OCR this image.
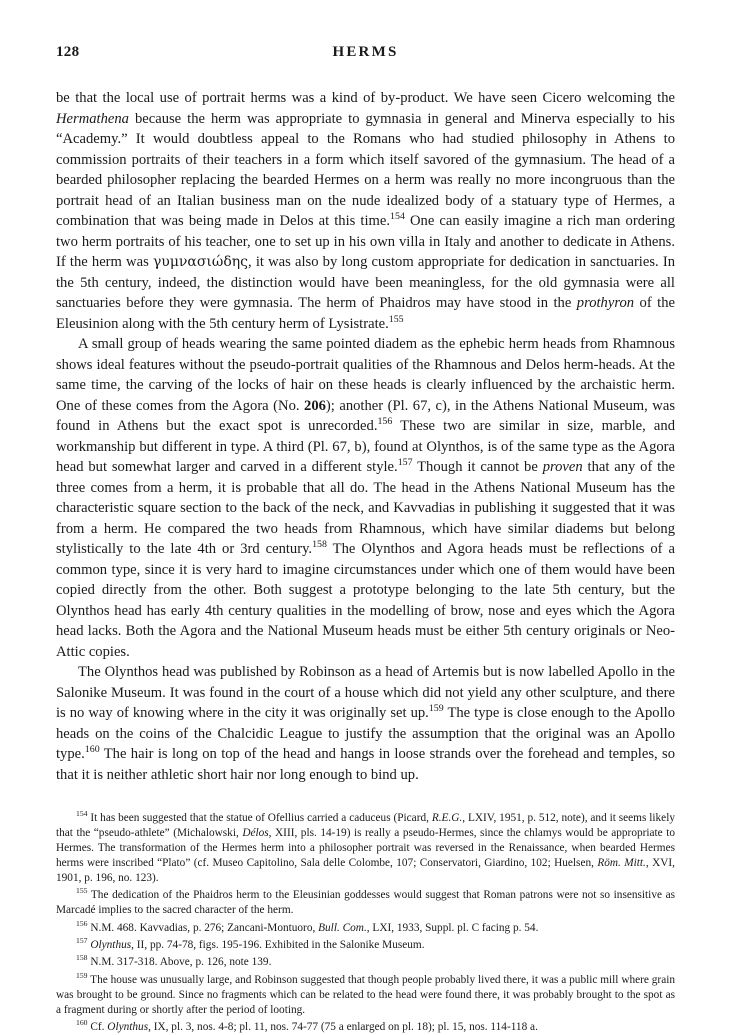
128	HERMS

be that the local use of portrait herms was a kind of by-product. We have seen Cicero welcoming the Hermathena because the herm was appropriate to gymnasia in general and Minerva especially to his “Academy.” It would doubtless appeal to the Romans who had studied philosophy in Athens to commission portraits of their teachers in a form which itself savored of the gymnasium. The head of a bearded philosopher replacing the bearded Hermes on a herm was really no more incongruous than the portrait head of an Italian business man on the nude idealized body of a statuary type of Hermes, a combination that was being made in Delos at this time.$^{154}$ One can easily imagine a rich man ordering two herm portraits of his teacher, one to set up in his own villa in Italy and another to dedicate in Athens. If the herm was γυμνασιώδης, it was also by long custom appropriate for dedication in sanctuaries. In the 5th century, indeed, the distinction would have been meaningless, for the old gymnasia were all sanctuaries before they were gymnasia. The herm of Phaidros may have stood in the prothyron of the Eleusinion along with the 5th century herm of Lysistrate.$^{155}$

A small group of heads wearing the same pointed diadem as the ephebic herm heads from Rhamnous shows ideal features without the pseudo-portrait qualities of the Rhamnous and Delos herm-heads. At the same time, the carving of the locks of hair on these heads is clearly influenced by the archaistic herm. One of these comes from the Agora (No. 206); another (Pl. 67, c), in the Athens National Museum, was found in Athens but the exact spot is unrecorded.$^{156}$ These two are similar in size, marble, and workmanship but different in type. A third (Pl. 67, b), found at Olynthos, is of the same type as the Agora head but somewhat larger and carved in a different style.$^{157}$ Though it cannot be proven that any of the three comes from a herm, it is probable that all do. The head in the Athens National Museum has the characteristic square section to the back of the neck, and Kavvadias in publishing it suggested that it was from a herm. He compared the two heads from Rhamnous, which have similar diadems but belong stylistically to the late 4th or 3rd century.$^{158}$ The Olynthos and Agora heads must be reflections of a common type, since it is very hard to imagine circumstances under which one of them would have been copied directly from the other. Both suggest a prototype belonging to the late 5th century, but the Olynthos head has early 4th century qualities in the modelling of brow, nose and eyes which the Agora head lacks. Both the Agora and the National Museum heads must be either 5th century originals or Neo-Attic copies.

The Olynthos head was published by Robinson as a head of Artemis but is now labelled Apollo in the Salonike Museum. It was found in the court of a house which did not yield any other sculpture, and there is no way of knowing where in the city it was originally set up.$^{159}$ The type is close enough to the Apollo heads on the coins of the Chalcidic League to justify the assumption that the original was an Apollo type.$^{160}$ The hair is long on top of the head and hangs in loose strands over the forehead and temples, so that it is neither athletic short hair nor long enough to bind up.

$^{154}$ It has been suggested that the statue of Ofellius carried a caduceus (Picard, R.E.G., LXIV, 1951, p. 512, note), and it seems likely that the “pseudo-athlete” (Michalowski, Délos, XIII, pls. 14-19) is really a pseudo-Hermes, since the chlamys would be appropriate to Hermes. The transformation of the Hermes herm into a philosopher portrait was reversed in the Renaissance, when bearded Hermes herms were inscribed “Plato” (cf. Museo Capitolino, Sala delle Colombe, 107; Conservatori, Giardino, 102; Huelsen, Röm. Mitt., XVI, 1901, p. 196, no. 123).

$^{155}$ The dedication of the Phaidros herm to the Eleusinian goddesses would suggest that Roman patrons were not so insensitive as Marcadé implies to the sacred character of the herm.

$^{156}$ N.M. 468. Kavvadias, p. 276; Zancani-Montuoro, Bull. Com., LXI, 1933, Suppl. pl. C facing p. 54.

$^{157}$ Olynthus, II, pp. 74-78, figs. 195-196. Exhibited in the Salonike Museum.

$^{158}$ N.M. 317-318. Above, p. 126, note 139.

$^{159}$ The house was unusually large, and Robinson suggested that though people probably lived there, it was a public mill where grain was brought to be ground. Since no fragments which can be related to the head were found there, it was probably brought to the spot as a fragment during or shortly after the period of looting.

$^{160}$ Cf. Olynthus, IX, pl. 3, nos. 4-8; pl. 11, nos. 74-77 (75 a enlarged on pl. 18); pl. 15, nos. 114-118 a.
